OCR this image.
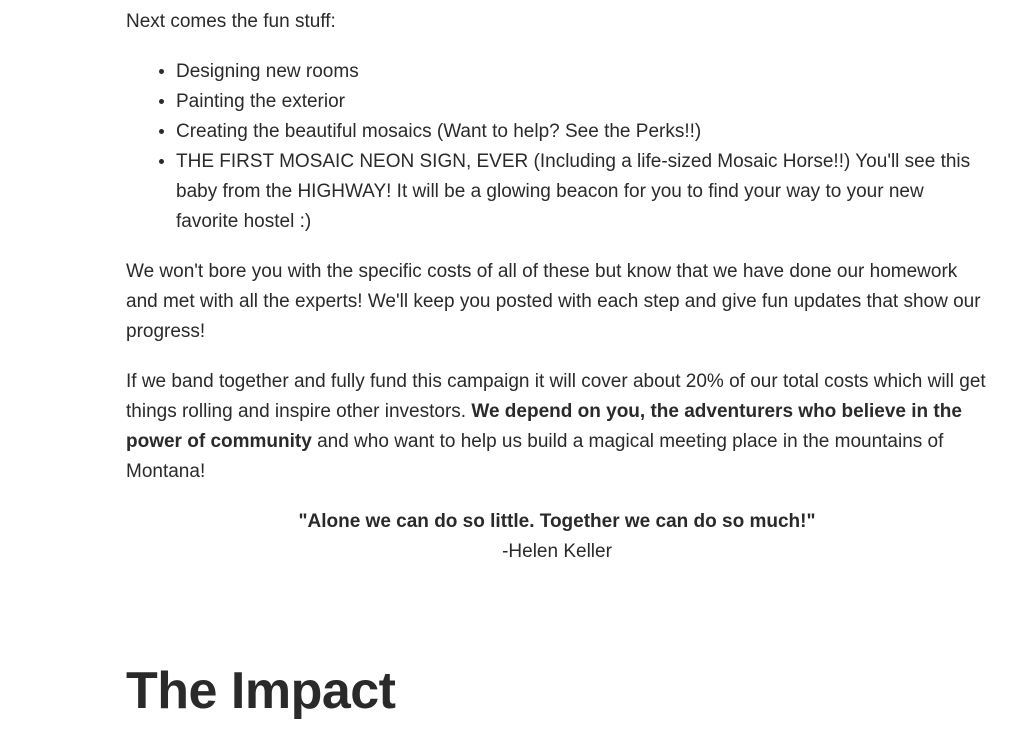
Next comes the fun stuff:

• Designing new rooms
• Painting the exterior
• Creating the beautiful mosaics (Want to help? See the Perks!!)
• THE FIRST MOSAIC NEON SIGN, EVER (Including a life-sized Mosaic Horse!!) You'll see this baby from the HIGHWAY! It will be a glowing beacon for you to find your way to your new favorite hostel :)

We won't bore you with the specific costs of all of these but know that we have done our homework and met with all the experts! We'll keep you posted with each step and give fun updates that show our progress!

If we band together and fully fund this campaign it will cover about 20% of our total costs which will get things rolling and inspire other investors. We depend on you, the adventurers who believe in the power of community and who want to help us build a magical meeting place in the mountains of Montana!

"Alone we can do so little. Together we can do so much!"
-Helen Keller
The Impact
